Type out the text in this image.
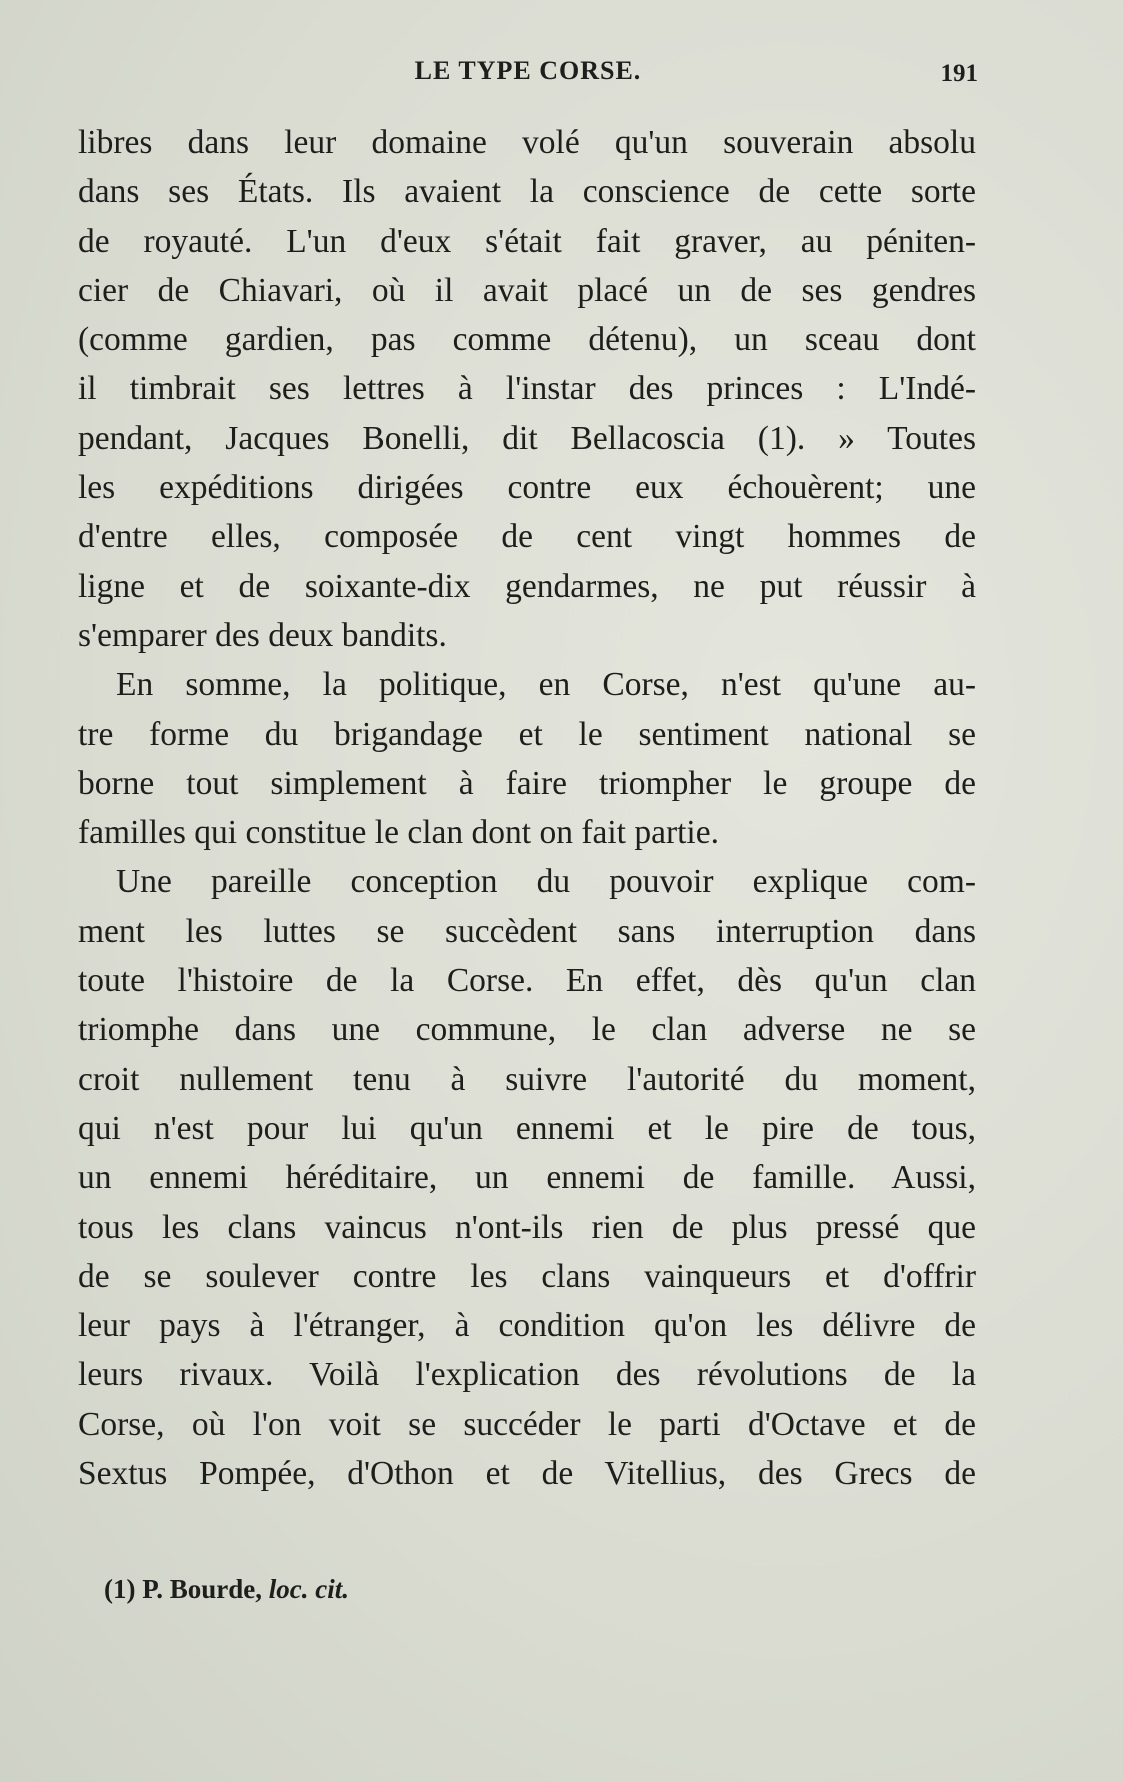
LE TYPE CORSE.	191
libres dans leur domaine volé qu'un souverain absolu
dans ses États. Ils avaient la conscience de cette sorte
de royauté. L'un d'eux s'était fait graver, au péniten-
cier de Chiavari, où il avait placé un de ses gendres
(comme gardien, pas comme détenu), un sceau dont
il timbrait ses lettres à l'instar des princes : L'Indé-
pendant, Jacques Bonelli, dit Bellacoscia (1). » Toutes
les expéditions dirigées contre eux échouèrent; une
d'entre elles, composée de cent vingt hommes de
ligne et de soixante-dix gendarmes, ne put réussir à
s'emparer des deux bandits.
En somme, la politique, en Corse, n'est qu'une au-
tre forme du brigandage et le sentiment national se
borne tout simplement à faire triompher le groupe de
familles qui constitue le clan dont on fait partie.
Une pareille conception du pouvoir explique com-
ment les luttes se succèdent sans interruption dans
toute l'histoire de la Corse. En effet, dès qu'un clan
triomphe dans une commune, le clan adverse ne se
croit nullement tenu à suivre l'autorité du moment,
qui n'est pour lui qu'un ennemi et le pire de tous,
un ennemi héréditaire, un ennemi de famille. Aussi,
tous les clans vaincus n'ont-ils rien de plus pressé que
de se soulever contre les clans vainqueurs et d'offrir
leur pays à l'étranger, à condition qu'on les délivre de
leurs rivaux. Voilà l'explication des révolutions de la
Corse, où l'on voit se succéder le parti d'Octave et de
Sextus Pompée, d'Othon et de Vitellius, des Grecs de
(1) P. Bourde, loc. cit.
